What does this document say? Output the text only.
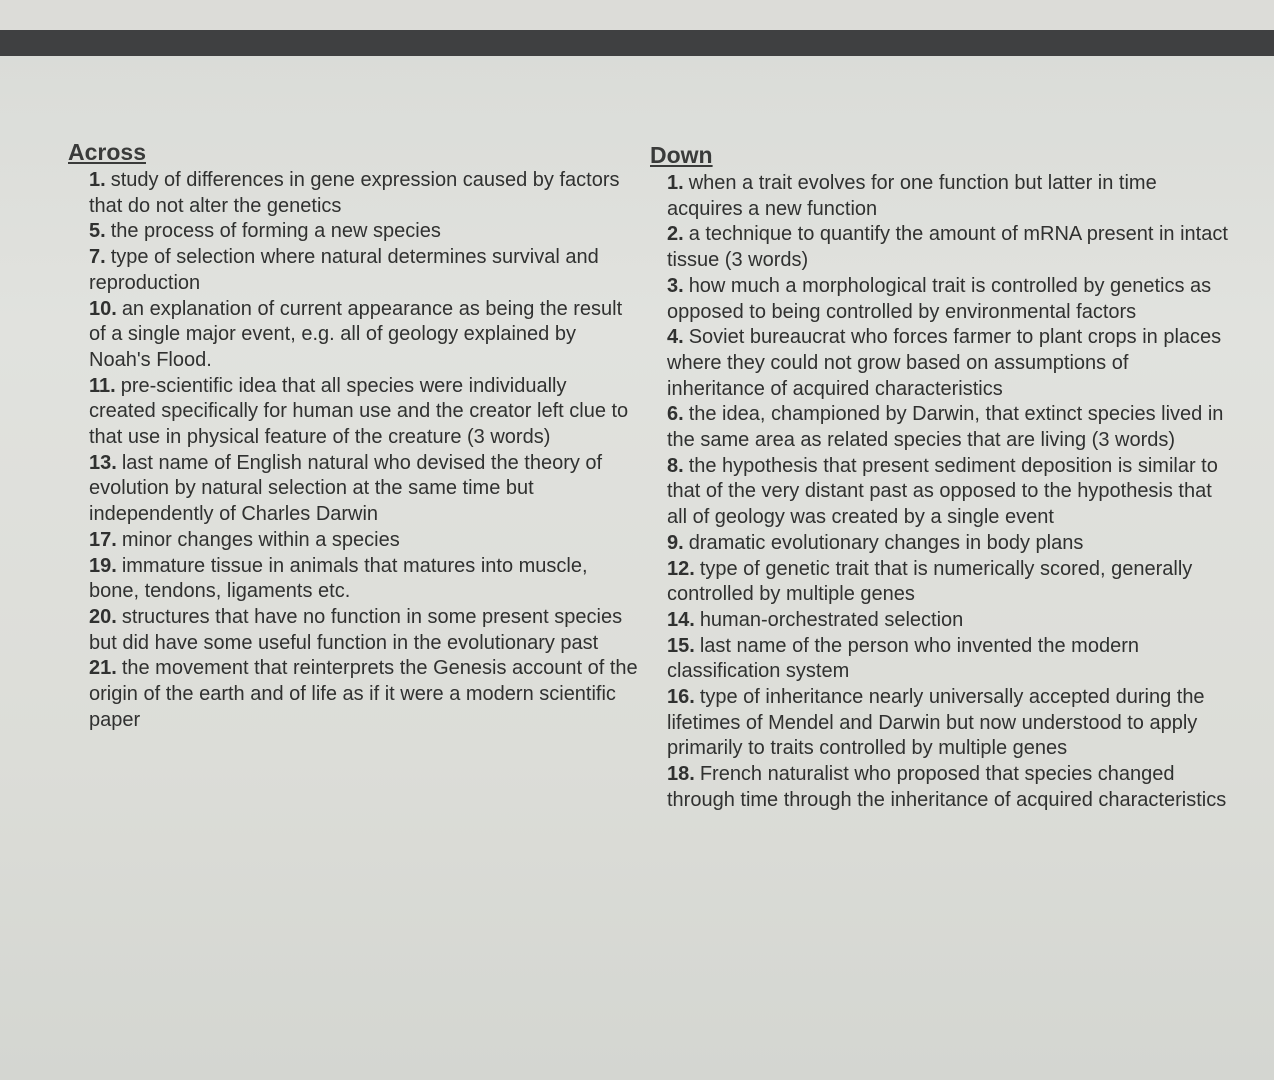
Across
1. study of differences in gene expression caused by factors that do not alter the genetics
5. the process of forming a new species
7. type of selection where natural determines survival and reproduction
10. an explanation of current appearance as being the result of a single major event, e.g. all of geology explained by Noah's Flood.
11. pre-scientific idea that all species were individually created specifically for human use and the creator left clue to that use in physical feature of the creature (3 words)
13. last name of English natural who devised the theory of evolution by natural selection at the same time but independently of Charles Darwin
17. minor changes within a species
19. immature tissue in animals that matures into muscle, bone, tendons, ligaments etc.
20. structures that have no function in some present species but did have some useful function in the evolutionary past
21. the movement that reinterprets the Genesis account of the origin of the earth and of life as if it were a modern scientific paper
Down
1. when a trait evolves for one function but latter in time acquires a new function
2. a technique to quantify the amount of mRNA present in intact tissue (3 words)
3. how much a morphological trait is controlled by genetics as opposed to being controlled by environmental factors
4. Soviet bureaucrat who forces farmer to plant crops in places where they could not grow based on assumptions of inheritance of acquired characteristics
6. the idea, championed by Darwin, that extinct species lived in the same area as related species that are living (3 words)
8. the hypothesis that present sediment deposition is similar to that of the very distant past as opposed to the hypothesis that all of geology was created by a single event
9. dramatic evolutionary changes in body plans
12. type of genetic trait that is numerically scored, generally controlled by multiple genes
14. human-orchestrated selection
15. last name of the person who invented the modern classification system
16. type of inheritance nearly universally accepted during the lifetimes of Mendel and Darwin but now understood to apply primarily to traits controlled by multiple genes
18. French naturalist who proposed that species changed through time through the inheritance of acquired characteristics
